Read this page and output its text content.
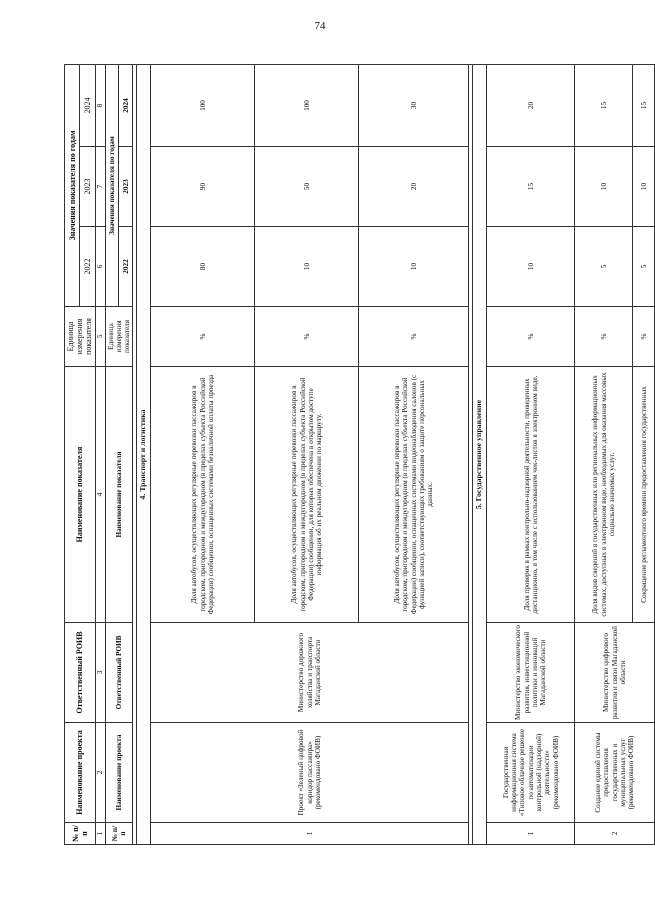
74
№ п/п	Наименование проекта	Ответственный РОИВ	Наименование показателя	Единица измерения показателя	Значения показателя по годам		
					2022	2023	2024
1	2	3	4	5	6	7	8
№ п/п	Наименование проекта	Ответственный РОИВ	Наименование показателя	Единица измерения показателя	Значения показателя по годам		
					2022	2023	2024

4. Транспорт и логистика							
1	Проект «Зеленый цифровой коридор пассажира» (рекомендовано ФОИВ)	Министерство дорожного хозяйства и транспорта Магаданской области	Доля автобусов, осуществляющих регулярные перевозки пассажиров в городском, пригородном и междугородном (в пределах субъекта Российской Федерации) сообщении, оснащенных системами безналичной оплаты проезда	%	80	90	100
			Доля автобусов, осуществляющих регулярные перевозки пассажиров в городском, пригородном и междугородном (в пределах субъекта Российской Федерации) сообщении, для которых обеспечена в открытом доступе информация об их реальном движении по маршруту.	%	10	50	100
			Доля автобусов, осуществляющих регулярные перевозки пассажиров в городском, пригородном и междугородном (в пределах субъекта Российской Федерации) сообщении, оснащенных системами видеонаблюдения салонов (с функцией записи), соответствующих требованиям о защите персональных данных.	%	10	20	30

5. Государственное управление							
1	Государственная информационная система «Типовое облачное решение по автоматизации контрольной (надзорной) деятельности» (рекомендовано ФОИВ)	Министерство экономического развития, инвестиционной политики и инноваций Магаданской области	Доля проверок в рамках контрольно-надзорной деятельности, проведенных дистанционно, в том числе с использованием чек-листов в электронном виде.	%	10	15	20
2	Создание единой системы предоставления государственных и муниципальных услуг (рекомендовано ФОИВ)	Министерство цифрового развития и связи Магаданской области	Доля видов сведений в государственных или региональных информационных системах, доступных в электронном виде, необходимых для оказания массовых социально значимых услуг.	%	5	10	15
			Сокращение регламентного времени предоставления государственных	%	5	10	15
